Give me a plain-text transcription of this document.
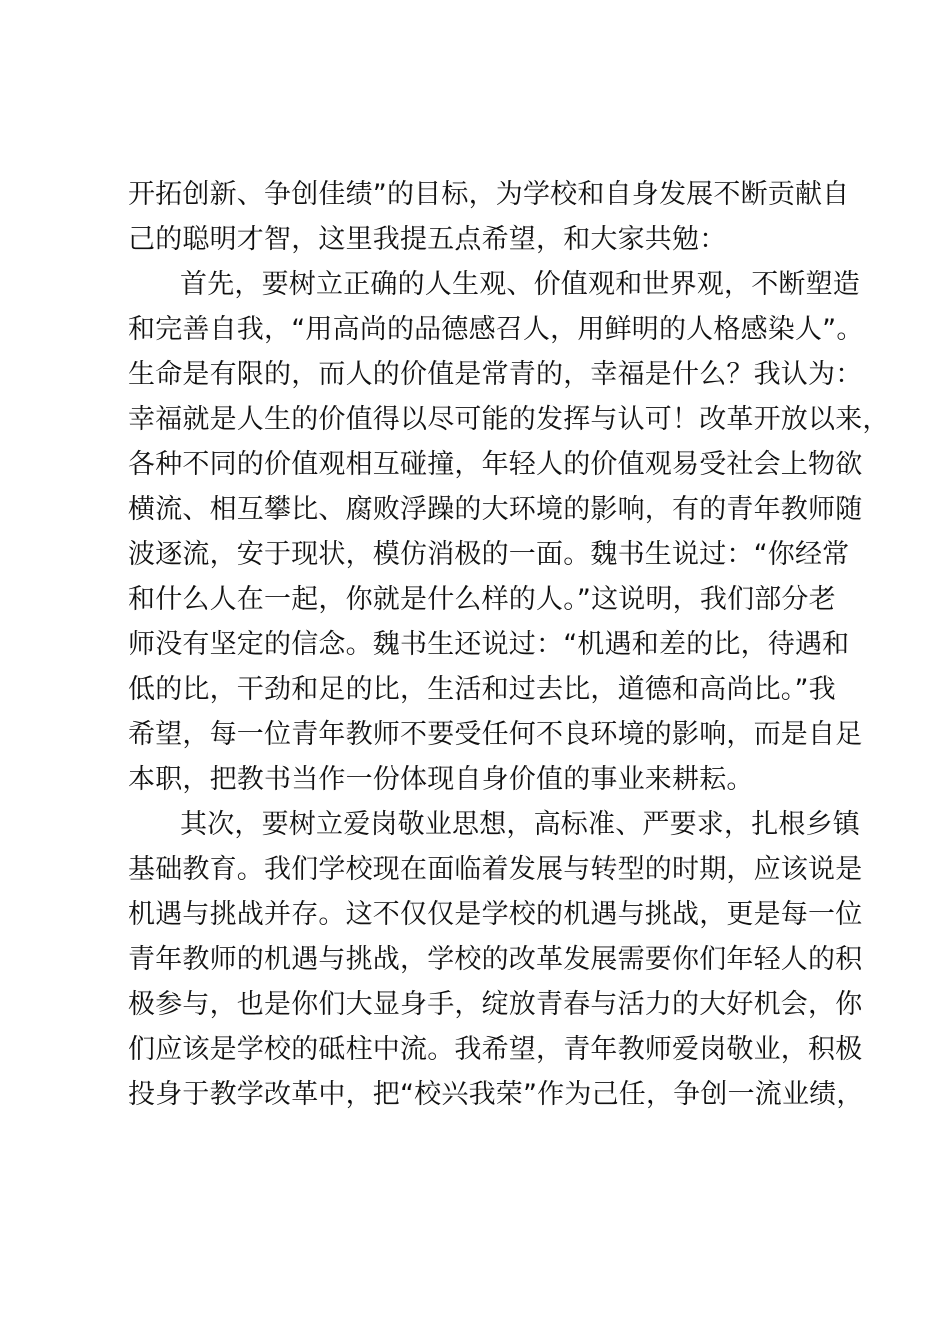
开拓创新、争创佳绩”的目标，为学校和自身发展不断贡献自
己的聪明才智，这里我提五点希望，和大家共勉：
首先，要树立正确的人生观、价值观和世界观，不断塑造
和完善自我，“用高尚的品德感召人，用鲜明的人格感染人”。
生命是有限的，而人的价值是常青的，幸福是什么？我认为：
幸福就是人生的价值得以尽可能的发挥与认可！改革开放以来，
各种不同的价值观相互碰撞，年轻人的价值观易受社会上物欲
横流、相互攀比、腐败浮躁的大环境的影响，有的青年教师随
波逐流，安于现状，模仿消极的一面。魏书生说过：“你经常
和什么人在一起，你就是什么样的人。”这说明，我们部分老
师没有坚定的信念。魏书生还说过：“机遇和差的比，待遇和
低的比，干劲和足的比，生活和过去比，道德和高尚比。”我
希望，每一位青年教师不要受任何不良环境的影响，而是自足
本职，把教书当作一份体现自身价值的事业来耕耘。
其次，要树立爱岗敬业思想，高标准、严要求，扎根乡镇
基础教育。我们学校现在面临着发展与转型的时期，应该说是
机遇与挑战并存。这不仅仅是学校的机遇与挑战，更是每一位
青年教师的机遇与挑战，学校的改革发展需要你们年轻人的积
极参与，也是你们大显身手，绽放青春与活力的大好机会，你
们应该是学校的砥柱中流。我希望，青年教师爱岗敬业，积极
投身于教学改革中，把“校兴我荣”作为己任，争创一流业绩，
